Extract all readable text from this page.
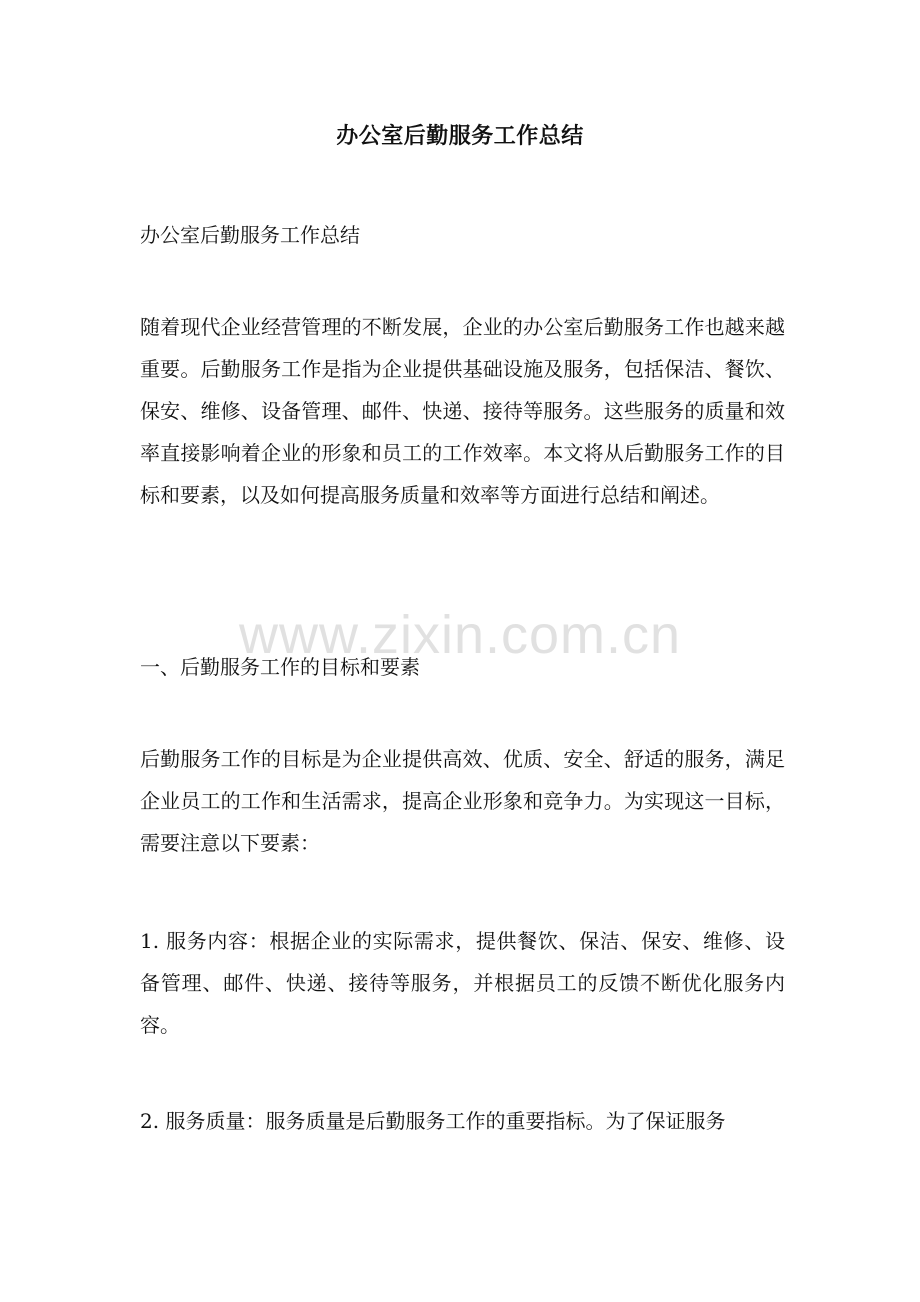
办公室后勤服务工作总结

办公室后勤服务工作总结

随着现代企业经营管理的不断发展，企业的办公室后勤服务工作也越来越重要。后勤服务工作是指为企业提供基础设施及服务，包括保洁、餐饮、保安、维修、设备管理、邮件、快递、接待等服务。这些服务的质量和效率直接影响着企业的形象和员工的工作效率。本文将从后勤服务工作的目标和要素，以及如何提高服务质量和效率等方面进行总结和阐述。

一、后勤服务工作的目标和要素

后勤服务工作的目标是为企业提供高效、优质、安全、舒适的服务，满足企业员工的工作和生活需求，提高企业形象和竞争力。为实现这一目标，需要注意以下要素：

1. 服务内容：根据企业的实际需求，提供餐饮、保洁、保安、维修、设备管理、邮件、快递、接待等服务，并根据员工的反馈不断优化服务内容。

2. 服务质量：服务质量是后勤服务工作的重要指标。为了保证服务

www.zixin.com.cn
